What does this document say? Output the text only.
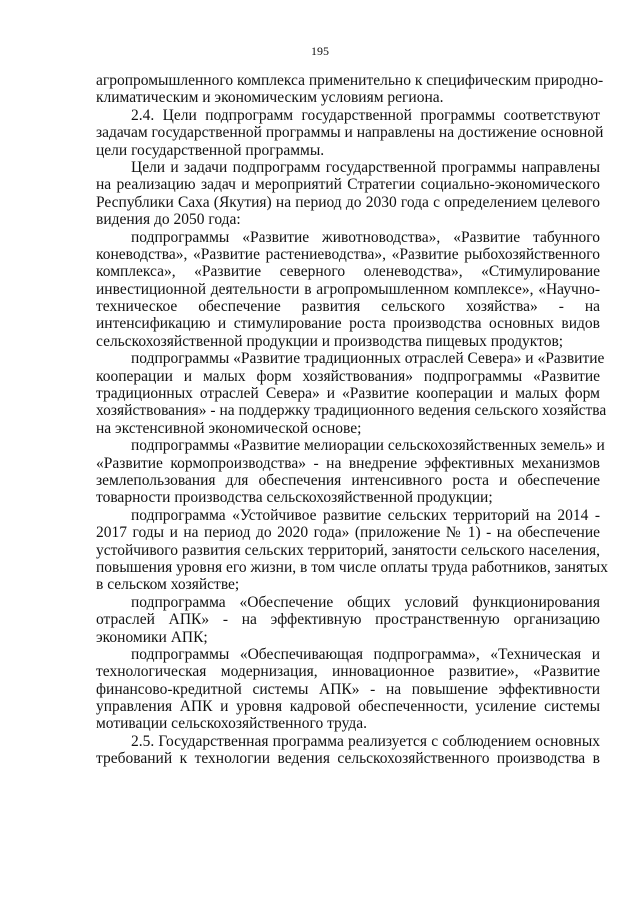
195
агропромышленного комплекса применительно к специфическим природно-
климатическим и экономическим условиям региона.
2.4. Цели подпрограмм государственной программы соответствуют
задачам государственной программы и направлены на достижение основной
цели государственной программы.
Цели и задачи подпрограмм государственной программы направлены
на реализацию задач и мероприятий Стратегии социально-экономического
Республики Саха (Якутия) на период до 2030 года с определением целевого
видения до 2050 года:
подпрограммы «Развитие животноводства», «Развитие табунного
коневодства», «Развитие растениеводства», «Развитие рыбохозяйственного
комплекса», «Развитие северного оленеводства», «Стимулирование
инвестиционной деятельности в агропромышленном комплексе», «Научно-
техническое обеспечение развития сельского хозяйства» - на
интенсификацию и стимулирование роста производства основных видов
сельскохозяйственной продукции и производства пищевых продуктов;
подпрограммы «Развитие традиционных отраслей Севера» и «Развитие
кооперации и малых форм хозяйствования» подпрограммы «Развитие
традиционных отраслей Севера» и «Развитие кооперации и малых форм
хозяйствования» - на поддержку традиционного ведения сельского хозяйства
на экстенсивной экономической основе;
подпрограммы «Развитие мелиорации сельскохозяйственных земель» и
«Развитие кормопроизводства» - на внедрение эффективных механизмов
землепользования для обеспечения интенсивного роста и обеспечение
товарности производства сельскохозяйственной продукции;
подпрограмма «Устойчивое развитие сельских территорий на 2014 -
2017 годы и на период до 2020 года» (приложение № 1) - на обеспечение
устойчивого развития сельских территорий, занятости сельского населения,
повышения уровня его жизни, в том числе оплаты труда работников, занятых
в сельском хозяйстве;
подпрограмма «Обеспечение общих условий функционирования
отраслей АПК» - на эффективную пространственную организацию
экономики АПК;
подпрограммы «Обеспечивающая подпрограмма», «Техническая и
технологическая модернизация, инновационное развитие», «Развитие
финансово-кредитной системы АПК» - на повышение эффективности
управления АПК и уровня кадровой обеспеченности, усиление системы
мотивации сельскохозяйственного труда.
2.5. Государственная программа реализуется с соблюдением основных
требований к технологии ведения сельскохозяйственного производства в
